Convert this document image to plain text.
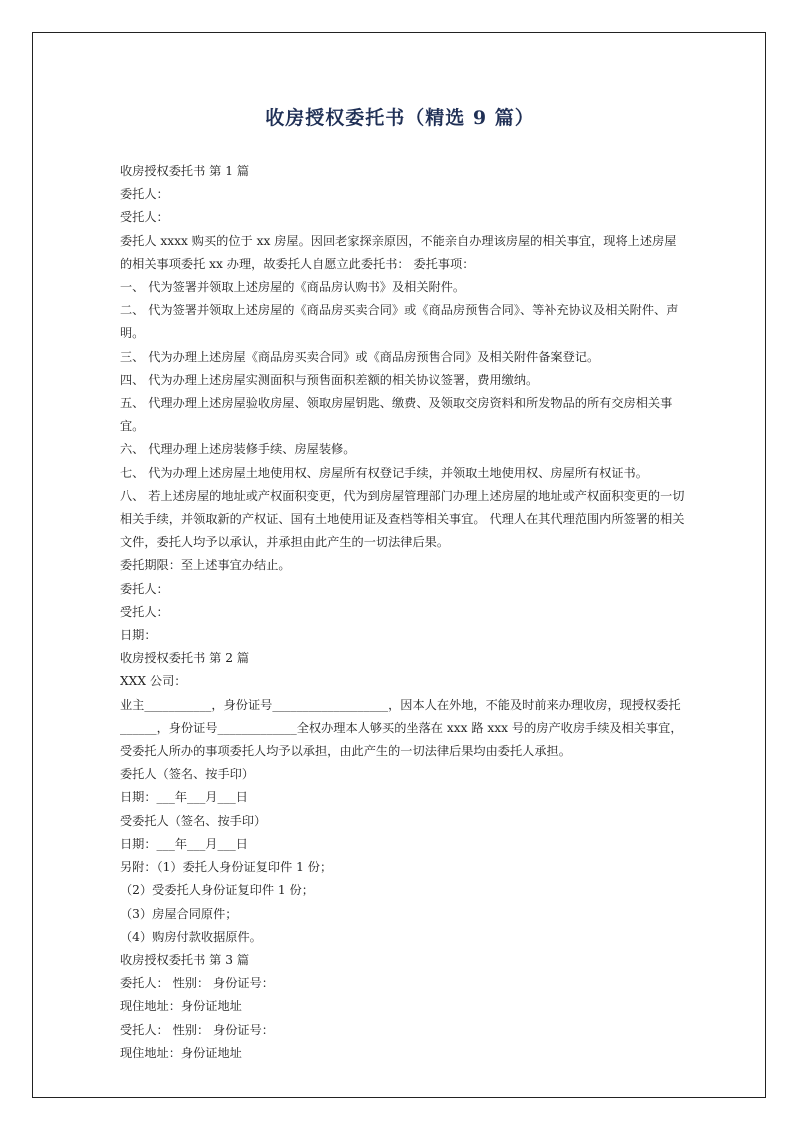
收房授权委托书（精选 9 篇）

收房授权委托书 第 1 篇

委托人：

受托人：

委托人 xxxx 购买的位于 xx 房屋。因回老家探亲原因，不能亲自办理该房屋的相关事宜，现将上述房屋的相关事项委托 xx 办理，故委托人自愿立此委托书： 委托事项：

一、 代为签署并领取上述房屋的《商品房认购书》及相关附件。

二、 代为签署并领取上述房屋的《商品房买卖合同》或《商品房预售合同》、等补充协议及相关附件、声明。

三、 代为办理上述房屋《商品房买卖合同》或《商品房预售合同》及相关附件备案登记。

四、 代为办理上述房屋实测面积与预售面积差额的相关协议签署，费用缴纳。

五、 代理办理上述房屋验收房屋、领取房屋钥匙、缴费、及领取交房资料和所发物品的所有交房相关事宜。

六、 代理办理上述房装修手续、房屋装修。

七、 代为办理上述房屋土地使用权、房屋所有权登记手续，并领取土地使用权、房屋所有权证书。

八、 若上述房屋的地址或产权面积变更，代为到房屋管理部门办理上述房屋的地址或产权面积变更的一切相关手续，并领取新的产权证、国有土地使用证及查档等相关事宜。 代理人在其代理范围内所签署的相关文件，委托人均予以承认，并承担由此产生的一切法律后果。

委托期限：至上述事宜办结止。

委托人：

受托人：

日期：

收房授权委托书 第 2 篇

XXX 公司：

业主___________，身份证号___________________，因本人在外地，不能及时前来办理收房，现授权委托______，身份证号_____________全权办理本人够买的坐落在 xxx 路 xxx 号的房产收房手续及相关事宜，受委托人所办的事项委托人均予以承担，由此产生的一切法律后果均由委托人承担。

委托人（签名、按手印）

日期：___年___月___日

受委托人（签名、按手印）

日期：___年___月___日

另附：（1）委托人身份证复印件 1 份；

（2）受委托人身份证复印件 1 份；

（3）房屋合同原件；

（4）购房付款收据原件。

收房授权委托书 第 3 篇

委托人： 性别： 身份证号：

现住地址：身份证地址

受托人： 性别： 身份证号：

现住地址：身份证地址
